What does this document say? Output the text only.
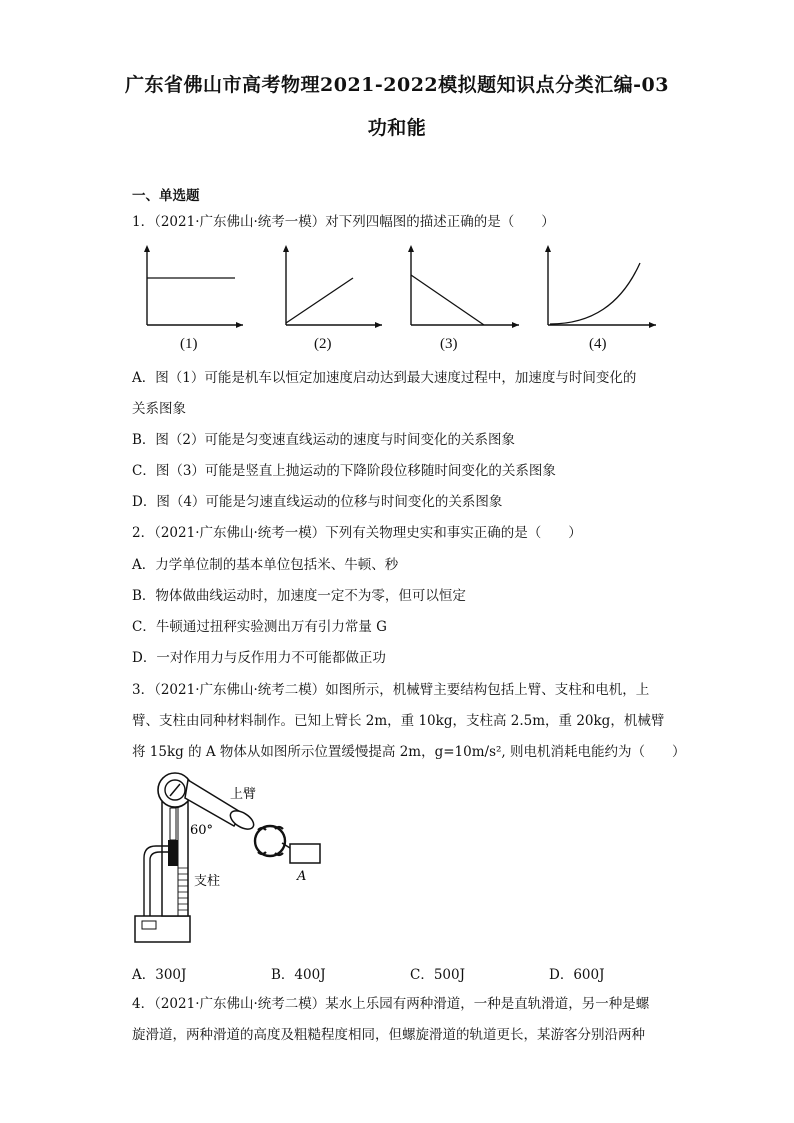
广东省佛山市高考物理2021-2022模拟题知识点分类汇编-03
功和能
一、单选题
1．（2021·广东佛山·统考一模）对下列四幅图的描述正确的是（　　）
(1)	(2)	(3)	(4)
A．图（1）可能是机车以恒定加速度启动达到最大速度过程中，加速度与时间变化的
关系图象
B．图（2）可能是匀变速直线运动的速度与时间变化的关系图象
C．图（3）可能是竖直上抛运动的下降阶段位移随时间变化的关系图象
D．图（4）可能是匀速直线运动的位移与时间变化的关系图象
2．（2021·广东佛山·统考一模）下列有关物理史实和事实正确的是（　　）
A．力学单位制的基本单位包括米、牛顿、秒
B．物体做曲线运动时，加速度一定不为零，但可以恒定
C．牛顿通过扭秤实验测出万有引力常量 G
D．一对作用力与反作用力不可能都做正功
3．（2021·广东佛山·统考二模）如图所示，机械臂主要结构包括上臂、支柱和电机，上
臂、支柱由同种材料制作。已知上臂长 2m，重 10kg，支柱高 2.5m，重 20kg，机械臂
将 15kg 的 A 物体从如图所示位置缓慢提高 2m，g=10m/s², 则电机消耗电能约为（　　）
上臂
60°
支柱	A
A．300J	B．400J	C．500J	D．600J
4．（2021·广东佛山·统考二模）某水上乐园有两种滑道，一种是直轨滑道，另一种是螺
旋滑道，两种滑道的高度及粗糙程度相同，但螺旋滑道的轨道更长，某游客分别沿两种
